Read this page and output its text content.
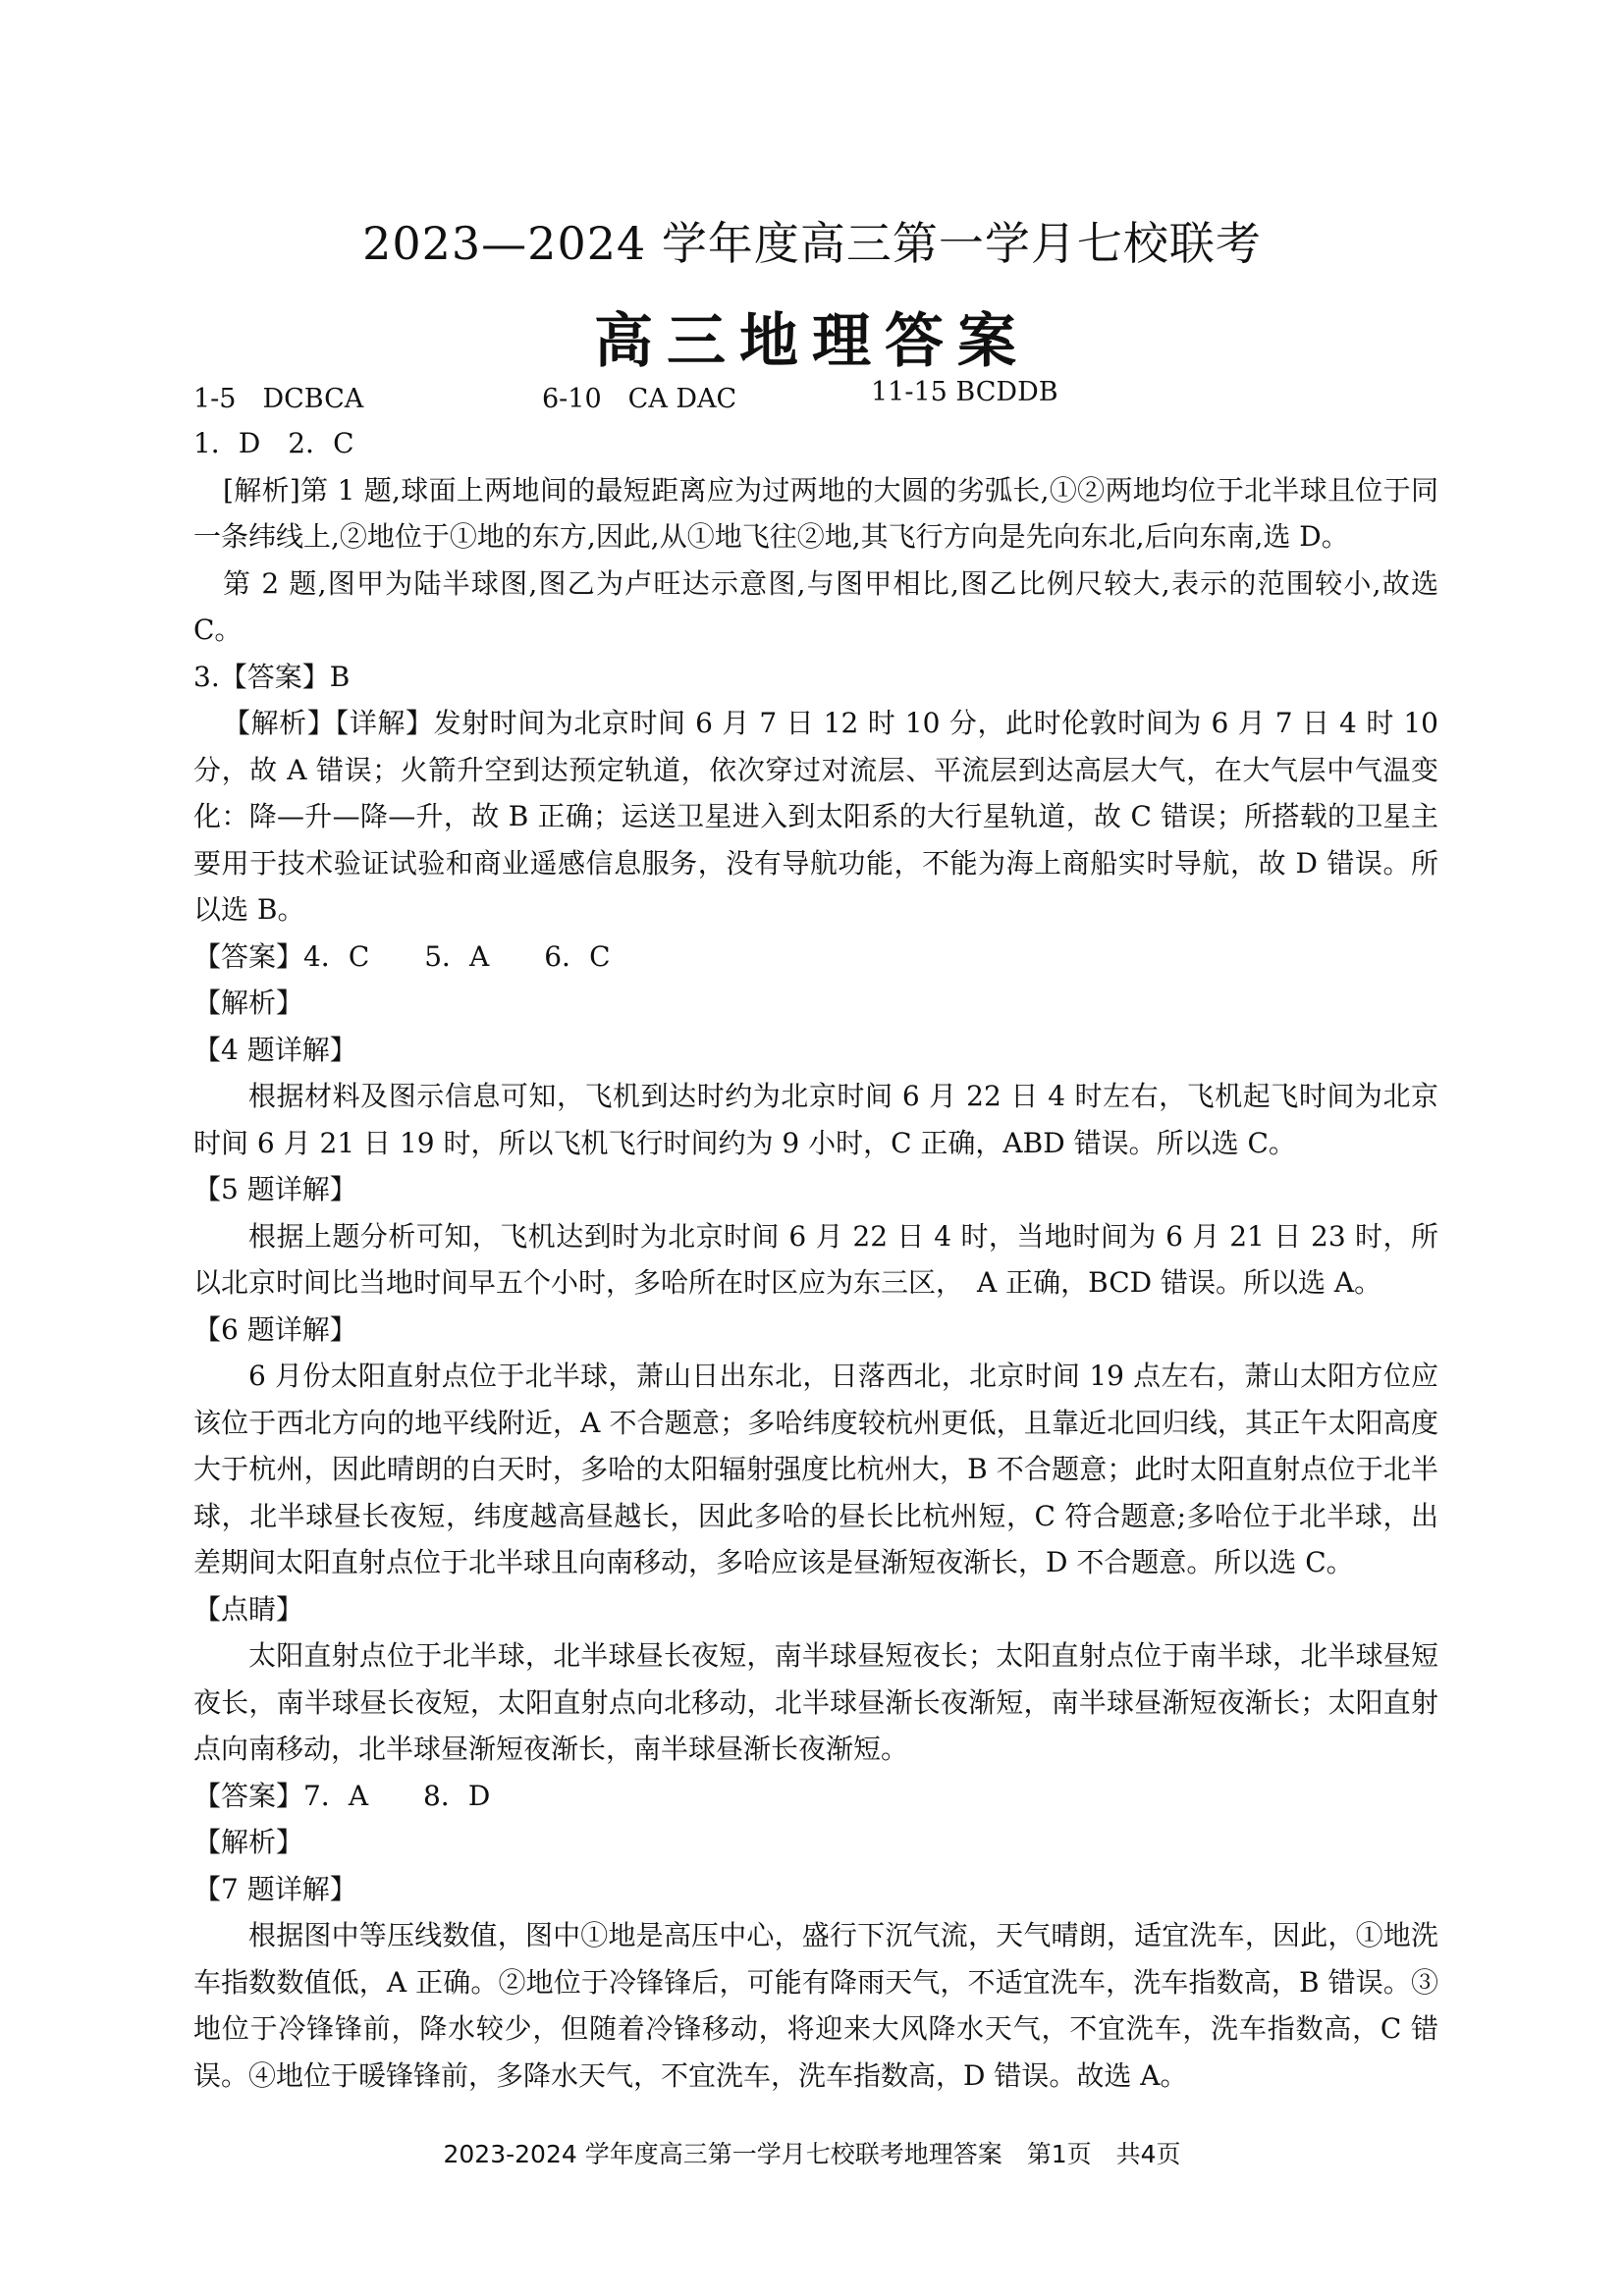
2023—2024 学年度高三第一学月七校联考
高三地理答案
1-5　DCBCA	6-10　CA DAC	11-15 BCDDB

1．D　2．C

[解析]第 1 题,球面上两地间的最短距离应为过两地的大圆的劣弧长,①②两地均位于北半球且位于同一条纬线上,②地位于①地的东方,因此,从①地飞往②地,其飞行方向是先向东北,后向东南,选 D。

第 2 题,图甲为陆半球图,图乙为卢旺达示意图,与图甲相比,图乙比例尺较大,表示的范围较小,故选 C。

3.【答案】B

【解析】【详解】发射时间为北京时间 6 月 7 日 12 时 10 分，此时伦敦时间为 6 月 7 日 4 时 10 分，故 A 错误；火箭升空到达预定轨道，依次穿过对流层、平流层到达高层大气，在大气层中气温变化：降—升—降—升，故 B 正确；运送卫星进入到太阳系的大行星轨道，故 C 错误；所搭载的卫星主要用于技术验证试验和商业遥感信息服务，没有导航功能，不能为海上商船实时导航，故 D 错误。所以选 B。

【答案】4．C　　5．A　　6．C

【解析】

【4 题详解】

根据材料及图示信息可知，飞机到达时约为北京时间 6 月 22 日 4 时左右，飞机起飞时间为北京时间 6 月 21 日 19 时，所以飞机飞行时间约为 9 小时，C 正确，ABD 错误。所以选 C。

【5 题详解】

根据上题分析可知，飞机达到时为北京时间 6 月 22 日 4 时，当地时间为 6 月 21 日 23 时，所以北京时间比当地时间早五个小时，多哈所在时区应为东三区，　A 正确，BCD 错误。所以选 A。

【6 题详解】

6 月份太阳直射点位于北半球，萧山日出东北，日落西北，北京时间 19 点左右，萧山太阳方位应该位于西北方向的地平线附近，A 不合题意；多哈纬度较杭州更低，且靠近北回归线，其正午太阳高度大于杭州，因此晴朗的白天时，多哈的太阳辐射强度比杭州大，B 不合题意；此时太阳直射点位于北半球，北半球昼长夜短，纬度越高昼越长，因此多哈的昼长比杭州短，C 符合题意;多哈位于北半球，出差期间太阳直射点位于北半球且向南移动，多哈应该是昼渐短夜渐长，D 不合题意。所以选 C。

【点睛】

太阳直射点位于北半球，北半球昼长夜短，南半球昼短夜长；太阳直射点位于南半球，北半球昼短夜长，南半球昼长夜短，太阳直射点向北移动，北半球昼渐长夜渐短，南半球昼渐短夜渐长；太阳直射点向南移动，北半球昼渐短夜渐长，南半球昼渐长夜渐短。

【答案】7．A　　8．D

【解析】

【7 题详解】

根据图中等压线数值，图中①地是高压中心，盛行下沉气流，天气晴朗，适宜洗车，因此，①地洗车指数数值低，A 正确。②地位于冷锋锋后，可能有降雨天气，不适宜洗车，洗车指数高，B 错误。③地位于冷锋锋前，降水较少，但随着冷锋移动，将迎来大风降水天气，不宜洗车，洗车指数高，C 错误。④地位于暖锋锋前，多降水天气，不宜洗车，洗车指数高，D 错误。故选 A。

2023-2024 学年度高三第一学月七校联考地理答案　第1页　共4页
